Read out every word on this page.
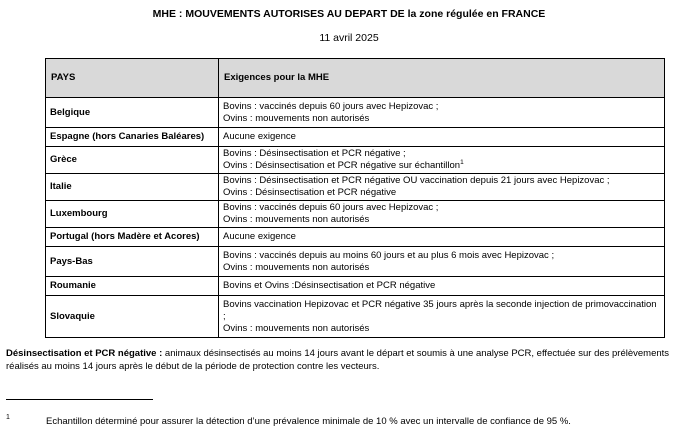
MHE : MOUVEMENTS AUTORISES AU DEPART DE la zone régulée en FRANCE
11 avril 2025
PAYS	Exigences pour la MHE
Belgique	Bovins : vaccinés depuis 60 jours avec Hepizovac ;
Ovins : mouvements non autorisés

Espagne (hors Canaries Baléares)	Aucune exigence

Grèce	Bovins : Désinsectisation et PCR négative ;
Ovins : Désinsectisation et PCR négative sur échantillon$^1$

Italie	Bovins : Désinsectisation et PCR négative OU vaccination depuis 21 jours avec Hepizovac ;
Ovins : Désinsectisation et PCR négative

Luxembourg	Bovins : vaccinés depuis 60 jours avec Hepizovac ;
Ovins : mouvements non autorisés

Portugal (hors Madère et Acores)	Aucune exigence

Pays-Bas	Bovins : vaccinés depuis au moins 60 jours et au plus 6 mois avec Hepizovac ;
Ovins : mouvements non autorisés

Roumanie	Bovins et Ovins :Désinsectisation et PCR négative

Slovaquie	Bovins vaccination Hepizovac et PCR négative 35 jours après la seconde injection de primovaccination ;
Ovins : mouvements non autorisés
Désinsectisation et PCR négative : animaux désinsectisés au moins 14 jours avant le départ et soumis à une analyse PCR, effectuée sur des prélèvements réalisés au moins 14 jours après le début de la période de protection contre les vecteurs.
1	Echantillon déterminé pour assurer la détection d’une prévalence minimale de 10 % avec un intervalle de confiance de 95 %.
